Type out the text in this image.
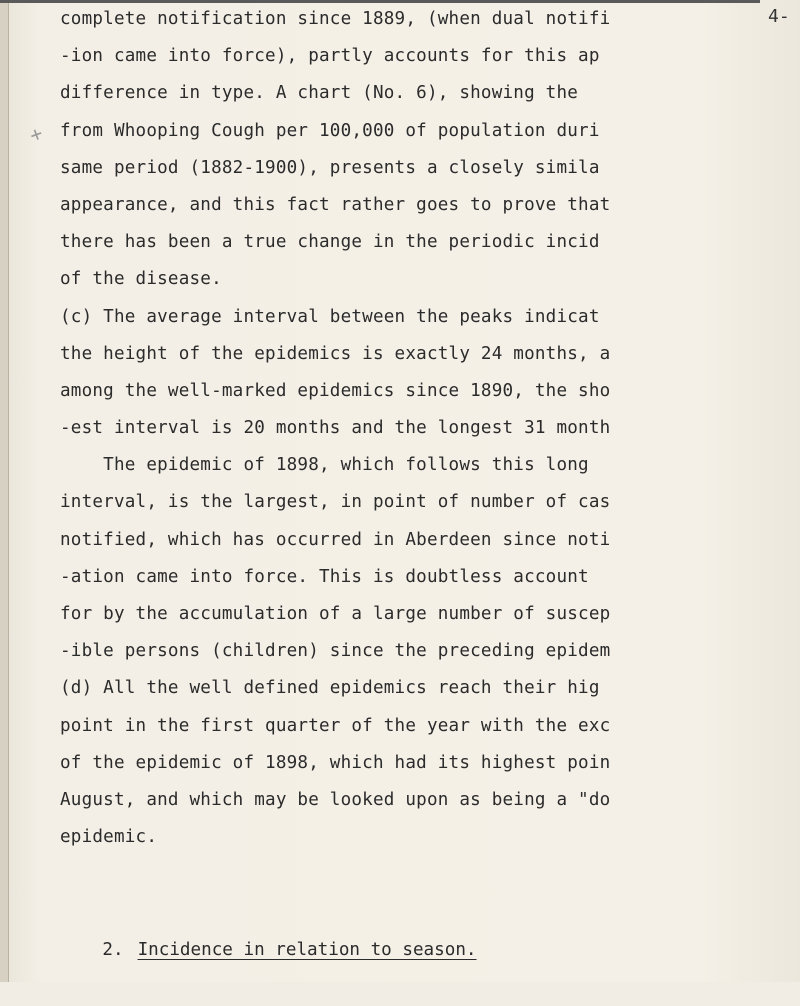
4-
+
complete notification since 1889, (when dual notifi
-ion came into force), partly accounts for this ap
difference in type. A chart (No. 6), showing the
from Whooping Cough per 100,000 of population duri
same period (1882-1900), presents a closely simila
appearance, and this fact rather goes to prove that
there has been a true change in the periodic incid
of the disease.
(c) The average interval between the peaks indicat
the height of the epidemics is exactly 24 months, a
among the well-marked epidemics since 1890, the sho
-est interval is 20 months and the longest 31 month
The epidemic of 1898, which follows this long
interval, is the largest, in point of number of cas
notified, which has occurred in Aberdeen since noti
-ation came into force. This is doubtless account
for by the accumulation of a large number of suscep
-ible persons (children) since the preceding epidem
(d) All the well defined epidemics reach their hig
point in the first quarter of the year with the exc
of the epidemic of 1898, which had its highest poin
August, and which may be looked upon as being a "do
epidemic.

2. Incidence in relation to season.
